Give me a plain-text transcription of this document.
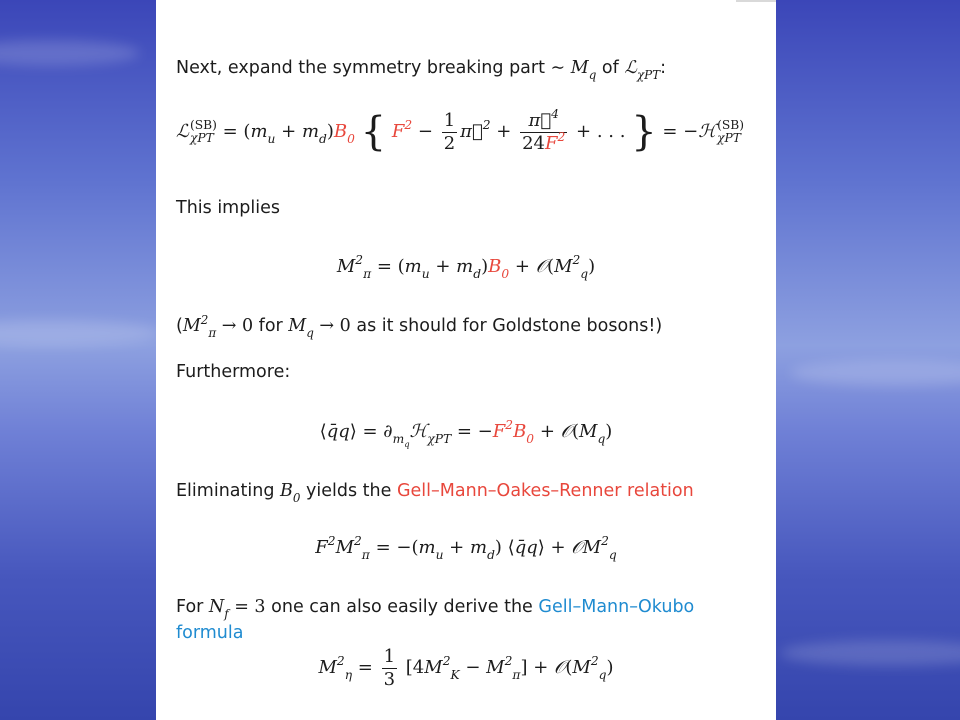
Next, expand the symmetry breaking part ∼ $M_q$ of ℒ$_{\chi PT}$:
ℒ (SB)
$\chi PT = (m_u + m_d)B_0$ { $F^2 - \frac{1}{2}$ π⃗$^2$ + $\frac{\pi⃗^4}{24F^2}$ + . . . } = −ℋ (SB)
χPT
This implies
$M^2_\pi = (m_u + m_d)B_0$ + $𝒪(M^2_q)$
($M^2_\pi \to 0$ for $M_q \to 0$ as it should for Goldstone bosons!)
Furthermore:
⟨q̄q⟩ = $\partial_{m_q}ℋ_{\chi PT} = -F^2B_0$ + $𝒪(M_q)$
Eliminating $B_0$ yields the Gell–Mann–Oakes–Renner relation
$F^2M^2_\pi = -(m_u + m_d)$ ⟨q̄q⟩ + 𝒪M$^2_q$
For $N_f = 3$ one can also easily derive the Gell–Mann–Okubo
formula
$M^2_\eta = \frac{1}{3} [4M^2_K - M^2_\pi]$ + $𝒪(M^2_q)$
